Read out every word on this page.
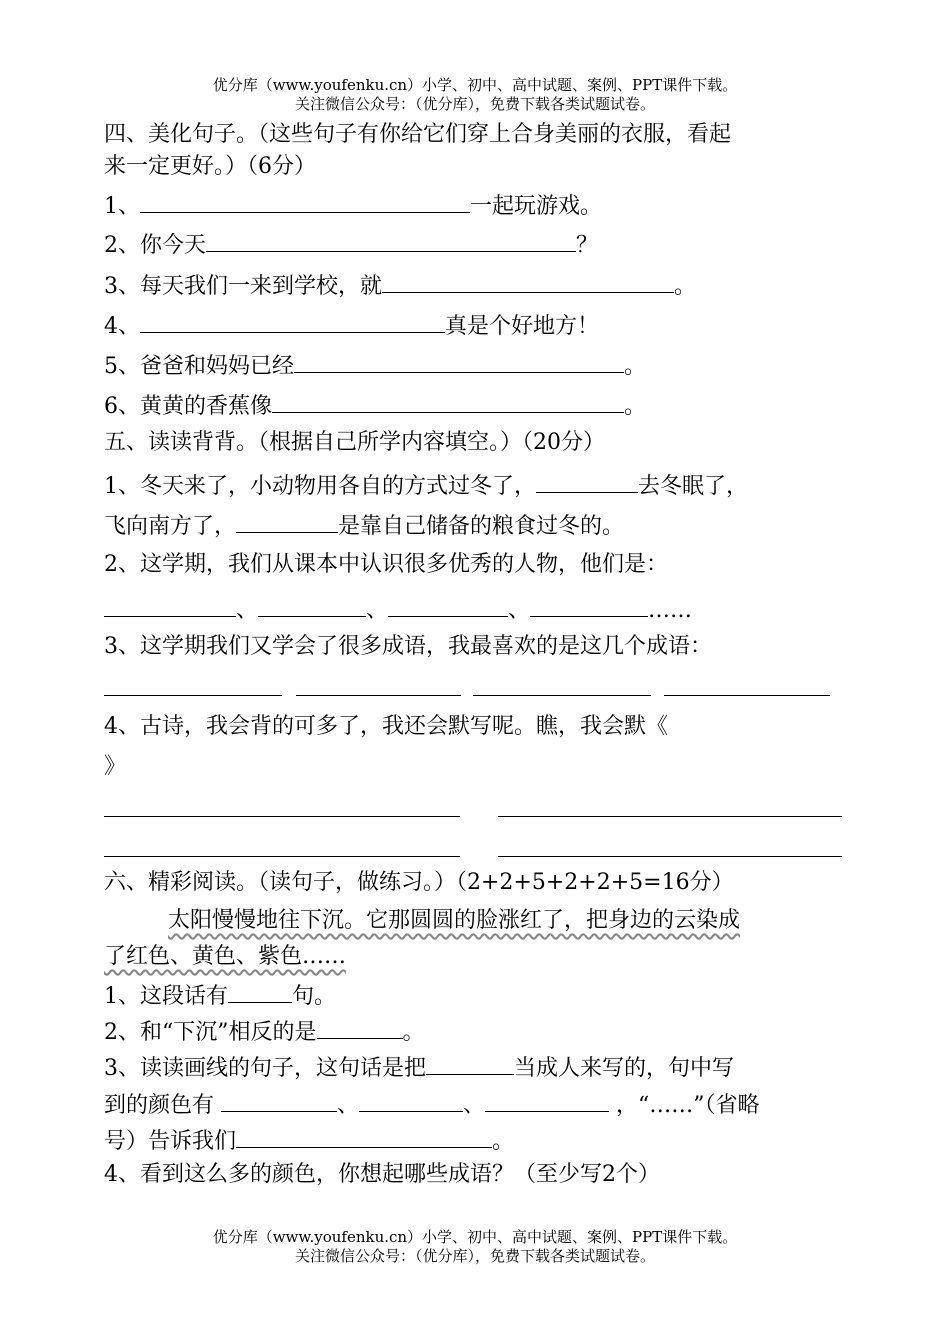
优分库（www.youfenku.cn）小学、初中、高中试题、案例、PPT课件下载。
关注微信公众号：（优分库），免费下载各类试题试卷。
四、美化句子。（这些句子有你给它们穿上合身美丽的衣服，看起
来一定更好。）（6分）
1、	一起玩游戏。
2、你今天	？
3、每天我们一来到学校，就	。
4、	真是个好地方！
5、爸爸和妈妈已经	。
6、黄黄的香蕉像	。
五、读读背背。（根据自己所学内容填空。）（20分）
1、冬天来了，小动物用各自的方式过冬了，	去冬眠了，
飞向南方了，	是靠自己储备的粮食过冬的。
2、这学期，我们从课本中认识很多优秀的人物，他们是：
、	、	、	……
3、这学期我们又学会了很多成语，我最喜欢的是这几个成语：
4、古诗，我会背的可多了，我还会默写呢。瞧，我会默《
》
六、精彩阅读。（读句子，做练习。）（2+2+5+2+2+5=16分）
太阳慢慢地往下沉。它那圆圆的脸涨红了，把身边的云染成
了红色、黄色、紫色……
1、这段话有	句。
2、和“下沉”相反的是	。
3、读读画线的句子，这句话是把	当成人来写的，句中写
到的颜色有	、	、	，“……”（省略
号）告诉我们	。
4、看到这么多的颜色，你想起哪些成语？（至少写2个）
优分库（www.youfenku.cn）小学、初中、高中试题、案例、PPT课件下载。
关注微信公众号：（优分库），免费下载各类试题试卷。
